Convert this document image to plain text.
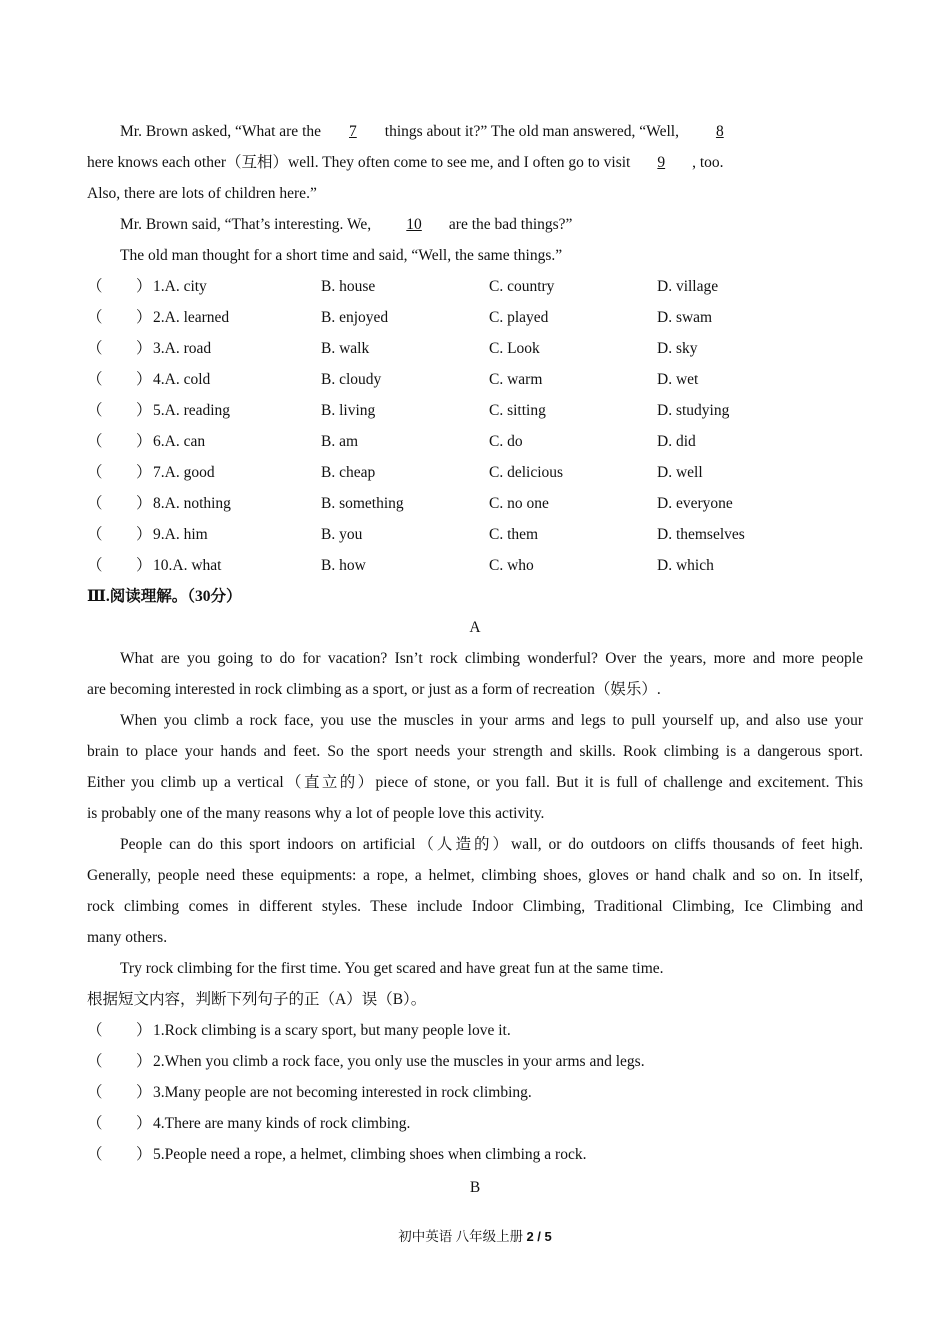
Mr. Brown asked, “What are the 7 things about it?” The old man answered, “Well, 8
here knows each other（互相）well. They often come to see me, and I often go to visit 9 , too.
Also, there are lots of children here.”
Mr. Brown said, “That’s interesting. We, 10 are the bad things?”
The old man thought for a short time and said, “Well, the same things.”
（ ） 1.A. city	B. house	C. country	D. village
（ ） 2.A. learned	B. enjoyed	C. played	D. swam
（ ） 3.A. road	B. walk	C. Look	D. sky
（ ） 4.A. cold	B. cloudy	C. warm	D. wet
（ ） 5.A. reading	B. living	C. sitting	D. studying
（ ） 6.A. can	B. am	C. do	D. did
（ ） 7.A. good	B. cheap	C. delicious	D. well
（ ） 8.A. nothing	B. something	C. no one	D. everyone
（ ） 9.A. him	B. you	C. them	D. themselves
（ ） 10.A. what	B. how	C. who	D. which
Ⅲ.阅读理解。（30分）
A
What are you going to do for vacation? Isn’t rock climbing wonderful? Over the years, more and more people
are becoming interested in rock climbing as a sport, or just as a form of recreation（娱乐）.
When you climb a rock face, you use the muscles in your arms and legs to pull yourself up, and also use your
brain to place your hands and feet. So the sport needs your strength and skills. Rook climbing is a dangerous sport.
Either you climb up a vertical（直立的）piece of stone, or you fall. But it is full of challenge and excitement. This
is probably one of the many reasons why a lot of people love this activity.
People can do this sport indoors on artificial（人造的）wall, or do outdoors on cliffs thousands of feet high.
Generally, people need these equipments: a rope, a helmet, climbing shoes, gloves or hand chalk and so on. In itself,
rock climbing comes in different styles. These include Indoor Climbing, Traditional Climbing, Ice Climbing and
many others.
Try rock climbing for the first time. You get scared and have great fun at the same time.
根据短文内容，判断下列句子的正（A）误（B）。
（ ） 1.Rock climbing is a scary sport, but many people love it.
（ ） 2.When you climb a rock face, you only use the muscles in your arms and legs.
（ ） 3.Many people are not becoming interested in rock climbing.
（ ） 4.There are many kinds of rock climbing.
（ ） 5.People need a rope, a helmet, climbing shoes when climbing a rock.
B
初中英语 八年级上册 2 / 5
